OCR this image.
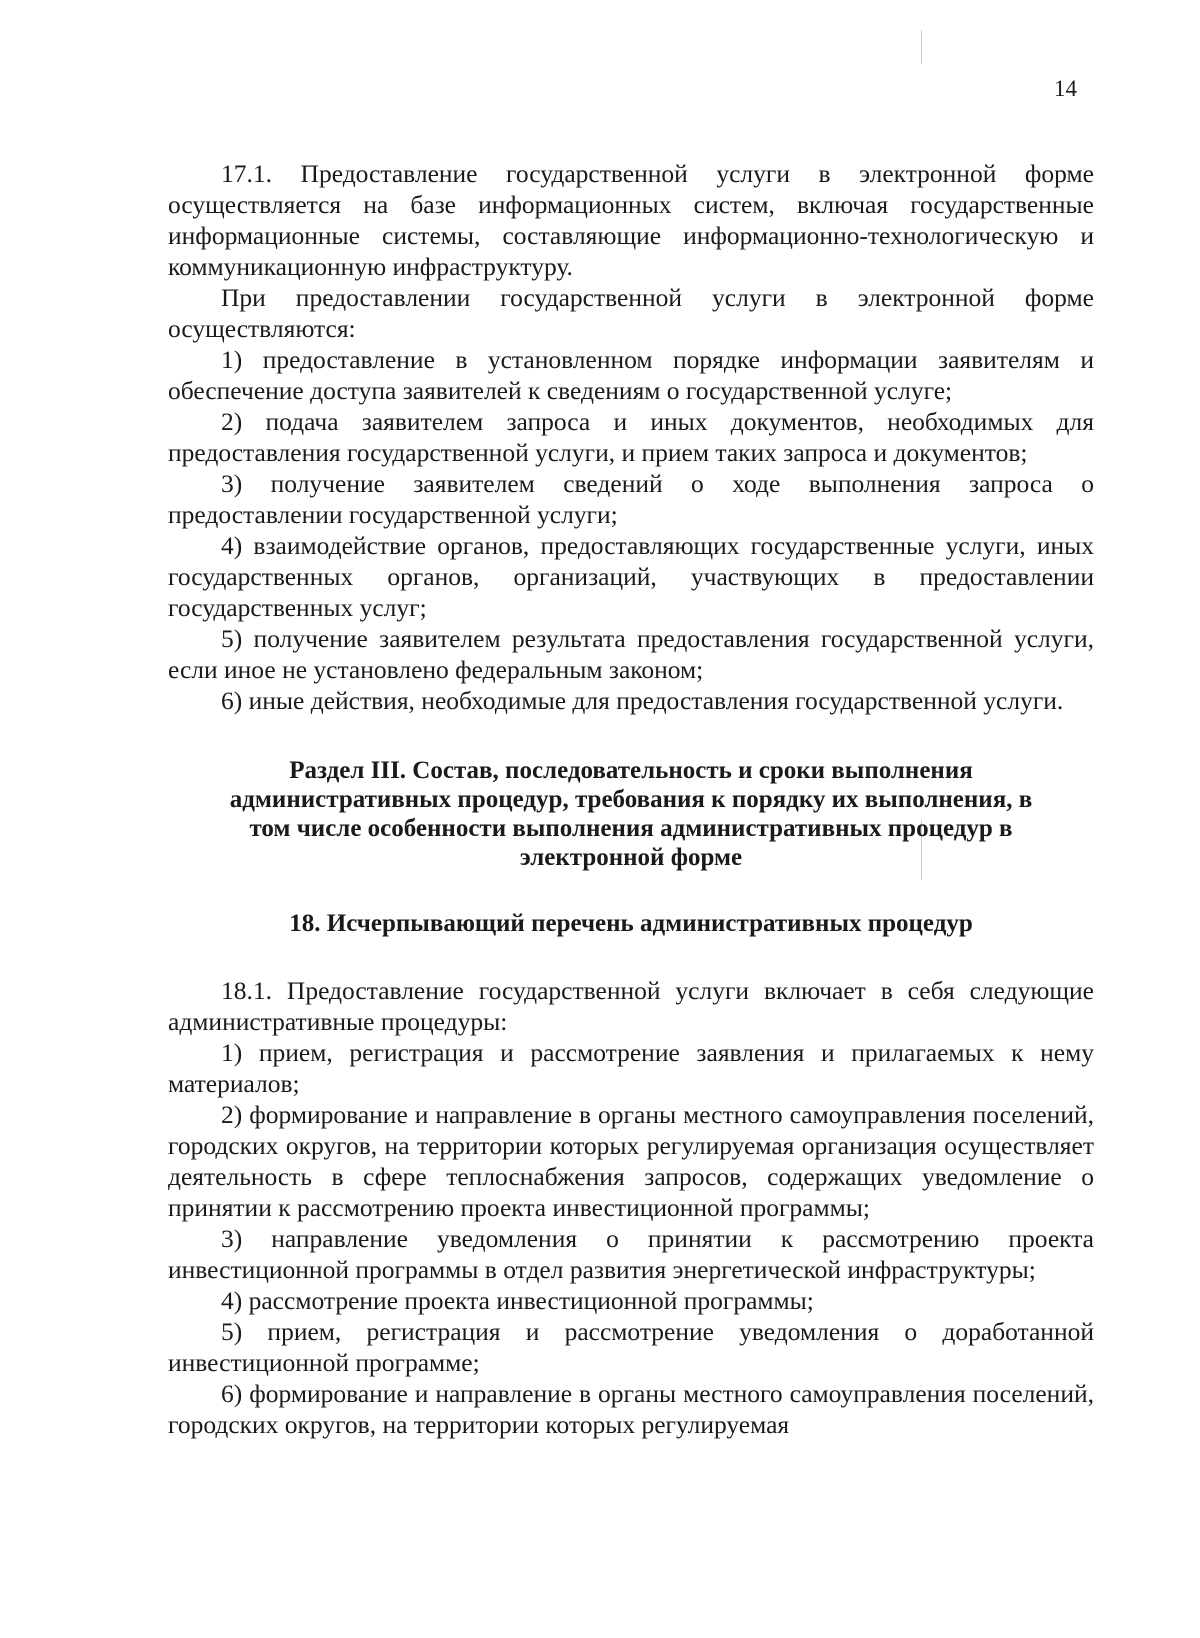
14

17.1. Предоставление государственной услуги в электронной форме осуществляется на базе информационных систем, включая государственные информационные системы, составляющие информационно-технологическую и коммуникационную инфраструктуру.

При предоставлении государственной услуги в электронной форме осуществляются:

1) предоставление в установленном порядке информации заявителям и обеспечение доступа заявителей к сведениям о государственной услуге;

2) подача заявителем запроса и иных документов, необходимых для предоставления государственной услуги, и прием таких запроса и документов;

3) получение заявителем сведений о ходе выполнения запроса о предоставлении государственной услуги;

4) взаимодействие органов, предоставляющих государственные услуги, иных государственных органов, организаций, участвующих в предоставлении государственных услуг;

5) получение заявителем результата предоставления государственной услуги, если иное не установлено федеральным законом;

6) иные действия, необходимые для предоставления государственной услуги.

Раздел III. Состав, последовательность и сроки выполнения административных процедур, требования к порядку их выполнения, в том числе особенности выполнения административных процедур в электронной форме
18. Исчерпывающий перечень административных процедур

18.1. Предоставление государственной услуги включает в себя следующие административные процедуры:

1) прием, регистрация и рассмотрение заявления и прилагаемых к нему материалов;

2) формирование и направление в органы местного самоуправления поселений, городских округов, на территории которых регулируемая организация осуществляет деятельность в сфере теплоснабжения запросов, содержащих уведомление о принятии к рассмотрению проекта инвестиционной программы;

3) направление уведомления о принятии к рассмотрению проекта инвестиционной программы в отдел развития энергетической инфраструктуры;

4) рассмотрение проекта инвестиционной программы;

5) прием, регистрация и рассмотрение уведомления о доработанной инвестиционной программе;

6) формирование и направление в органы местного самоуправления поселений, городских округов, на территории которых регулируемая
